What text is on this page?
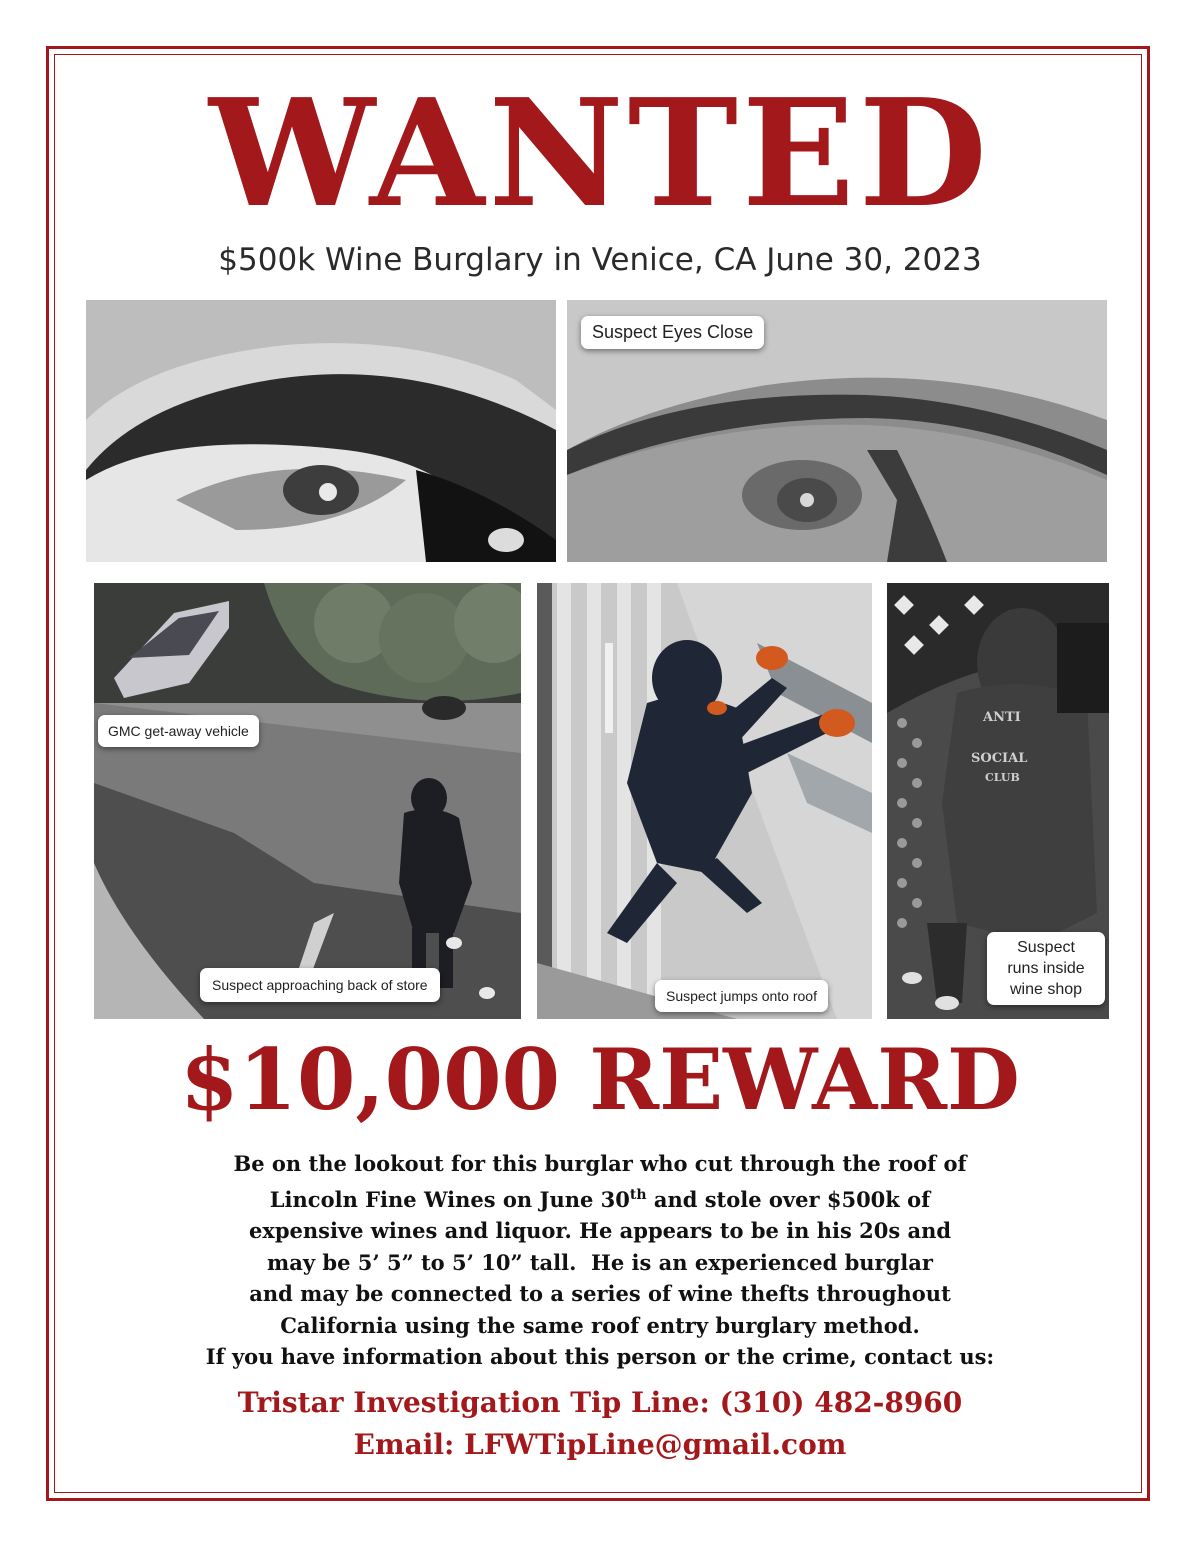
WANTED
$500k Wine Burglary in Venice, CA June 30, 2023
Suspect Eyes Close
GMC get-away vehicle
Suspect approaching back of store
Suspect jumps onto roof
ANTI
SOCIAL
CLUB
Suspect
runs inside
wine shop
$10,000 REWARD
Be on the lookout for this burglar who cut through the roof of
Lincoln Fine Wines on June 30th and stole over $500k of
expensive wines and liquor. He appears to be in his 20s and
may be 5’ 5” to 5’ 10” tall.  He is an experienced burglar
and may be connected to a series of wine thefts throughout
California using the same roof entry burglary method.
If you have information about this person or the crime, contact us:
Tristar Investigation Tip Line: (310) 482-8960
Email: LFWTipLine@gmail.com
